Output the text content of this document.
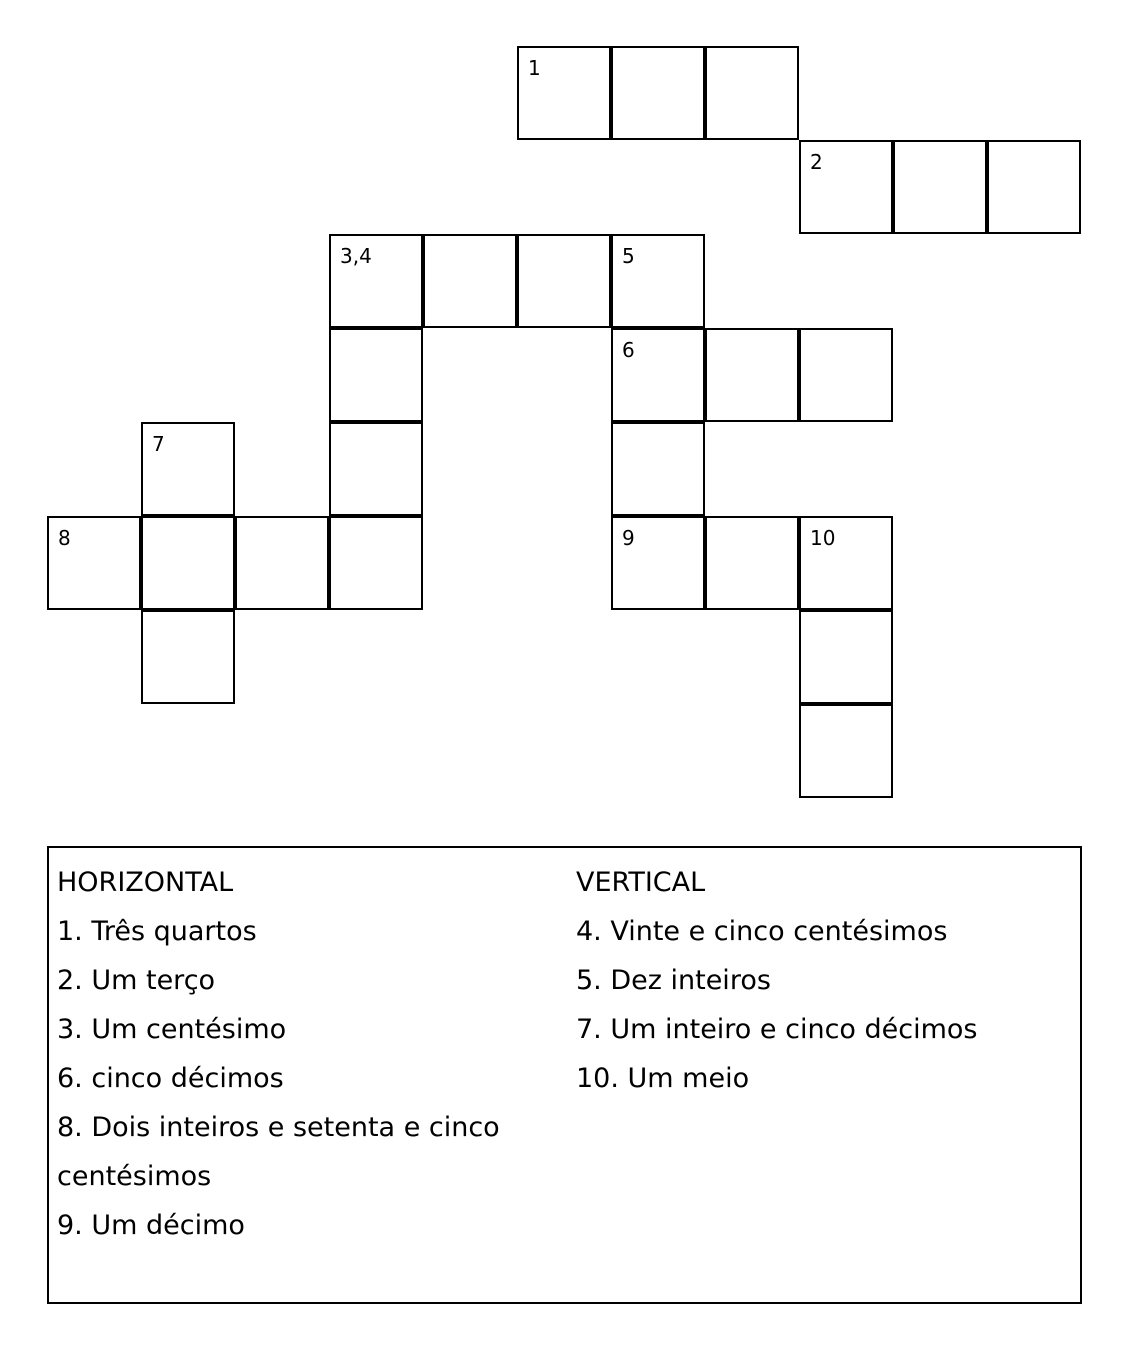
1
2
3,4	5
6
7
8	9	10
HORIZONTAL
1. Três quartos
2. Um terço
3. Um centésimo
6. cinco décimos
8. Dois inteiros e setenta e cinco
centésimos
9. Um décimo
VERTICAL
4. Vinte e cinco centésimos
5. Dez inteiros
7. Um inteiro e cinco décimos
10. Um meio
